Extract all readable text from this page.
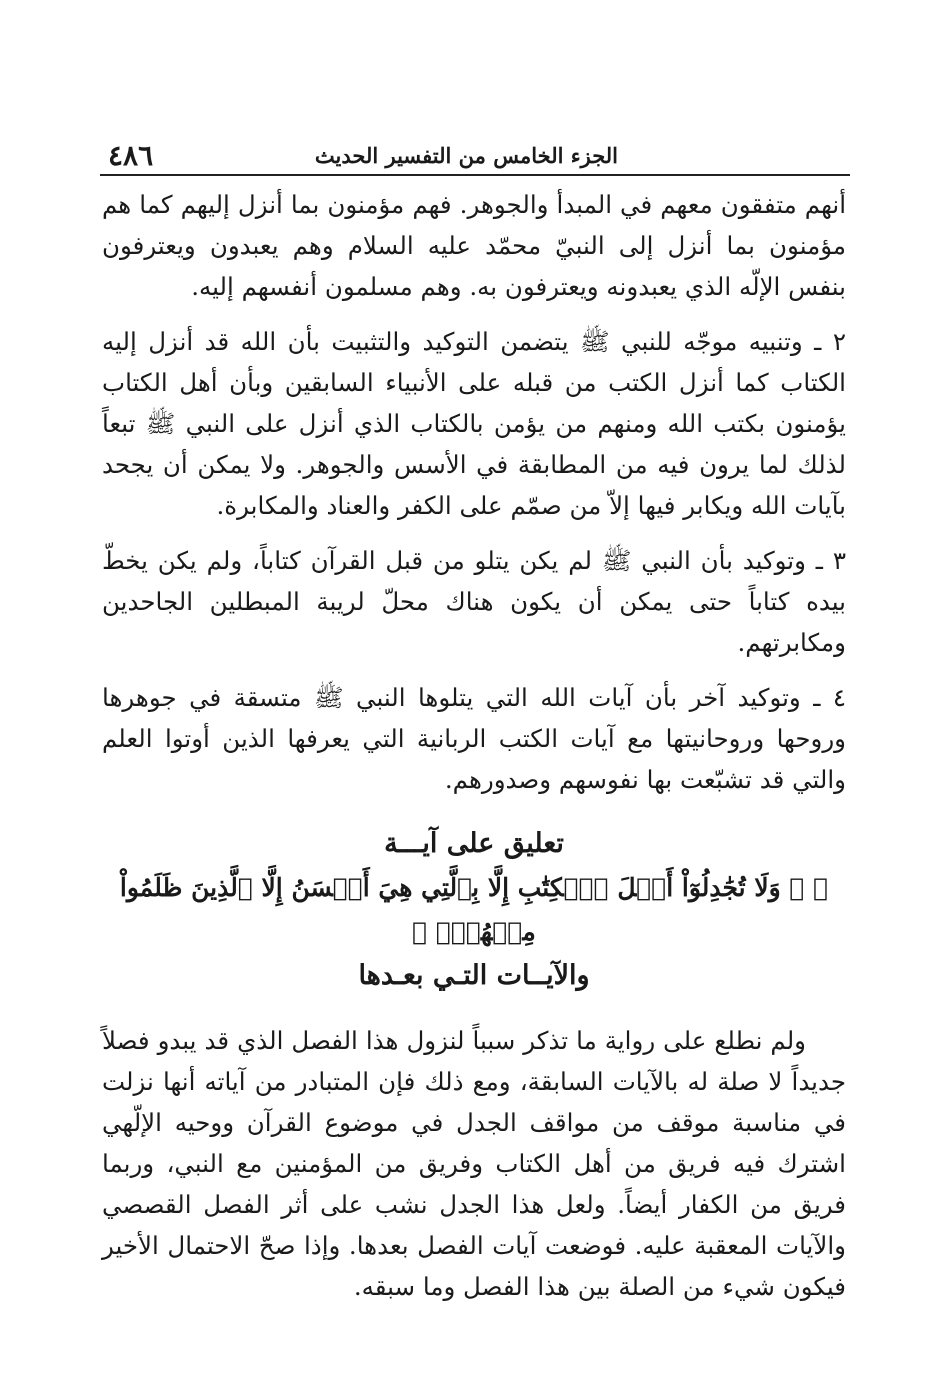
الجزء الخامس من التفسير الحديث
٤٨٦

أنهم متفقون معهم في المبدأ والجوهر. فهم مؤمنون بما أنزل إليهم كما هم مؤمنون بما أنزل إلى النبيّ محمّد عليه السلام وهم يعبدون ويعترفون بنفس الإلّه الذي يعبدونه ويعترفون به. وهم مسلمون أنفسهم إليه.

٢ ـ وتنبيه موجّه للنبي ﷺ يتضمن التوكيد والتثبيت بأن الله قد أنزل إليه الكتاب كما أنزل الكتب من قبله على الأنبياء السابقين وبأن أهل الكتاب يؤمنون بكتب الله ومنهم من يؤمن بالكتاب الذي أنزل على النبي ﷺ تبعاً لذلك لما يرون فيه من المطابقة في الأسس والجوهر. ولا يمكن أن يجحد بآيات الله ويكابر فيها إلاّ من صمّم على الكفر والعناد والمكابرة.

٣ ـ وتوكيد بأن النبي ﷺ لم يكن يتلو من قبل القرآن كتاباً، ولم يكن يخطّ بيده كتاباً حتى يمكن أن يكون هناك محلّ لريبة المبطلين الجاحدين ومكابرتهم.

٤ ـ وتوكيد آخر بأن آيات الله التي يتلوها النبي ﷺ متسقة في جوهرها وروحها وروحانيتها مع آيات الكتب الربانية التي يعرفها الذين أوتوا العلم والتي قد تشبّعت بها نفوسهم وصدورهم.

تعليق على آيـــة
﴿ ۞ وَلَا تُجَٰدِلُوٓاْ أَهۡلَ ٱلۡكِتَٰبِ إِلَّا بِٱلَّتِي هِيَ أَحۡسَنُ إِلَّا ٱلَّذِينَ ظَلَمُواْ مِنۡهُمۡۖ ﴾
والآيــات التـي بعـدها

ولم نطلع على رواية ما تذكر سبباً لنزول هذا الفصل الذي قد يبدو فصلاً جديداً لا صلة له بالآيات السابقة، ومع ذلك فإن المتبادر من آياته أنها نزلت في مناسبة موقف من مواقف الجدل في موضوع القرآن ووحيه الإلّهي اشترك فيه فريق من أهل الكتاب وفريق من المؤمنين مع النبي، وربما فريق من الكفار أيضاً. ولعل هذا الجدل نشب على أثر الفصل القصصي والآيات المعقبة عليه. فوضعت آيات الفصل بعدها. وإذا صحّ الاحتمال الأخير فيكون شيء من الصلة بين هذا الفصل وما سبقه.
